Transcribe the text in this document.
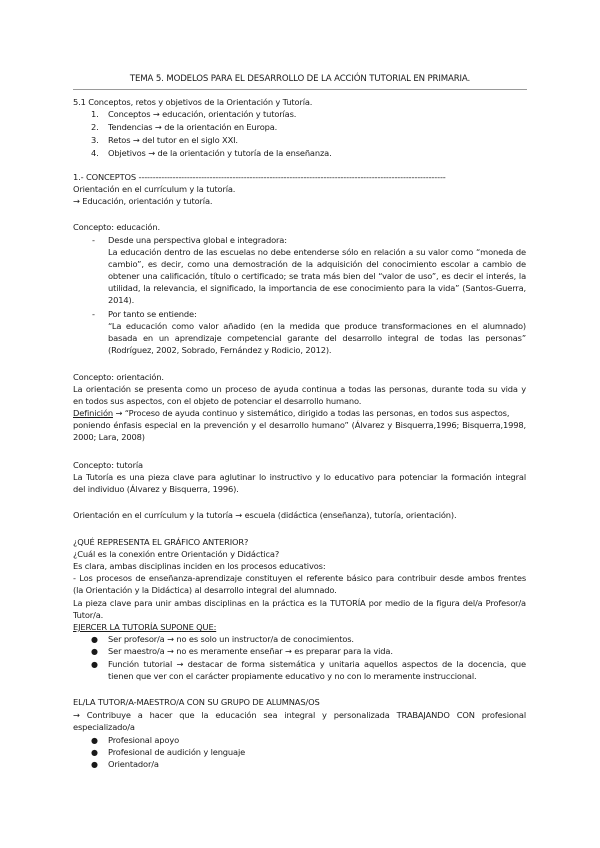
TEMA 5. MODELOS PARA EL DESARROLLO DE LA ACCIÓN TUTORIAL EN PRIMARIA.
5.1 Conceptos, retos y objetivos de la Orientación y Tutoría.
1. Conceptos → educación, orientación y tutorías.
2. Tendencias → de la orientación en Europa.
3. Retos → del tutor en el siglo XXI.
4. Objetivos → de la orientación y tutoría de la enseñanza.
1.- CONCEPTOS ------------------------------------------------------------------------------------------------------------
Orientación en el currículum y la tutoría.
→ Educación, orientación y tutoría.
Concepto: educación.
- Desde una perspectiva global e integradora:
La educación dentro de las escuelas no debe entenderse sólo en relación a su valor como “moneda de
cambio”, es decir, como una demostración de la adquisición del conocimiento escolar a cambio de
obtener una calificación, título o certificado; se trata más bien del “valor de uso”, es decir el interés, la
utilidad, la relevancia, el significado, la importancia de ese conocimiento para la vida” (Santos-Guerra,
2014).
- Por tanto se entiende:
“La educación como valor añadido (en la medida que produce transformaciones en el alumnado)
basada en un aprendizaje competencial garante del desarrollo integral de todas las personas”
(Rodríguez, 2002, Sobrado, Fernández y Rodicio, 2012).
Concepto: orientación.
La orientación se presenta como un proceso de ayuda continua a todas las personas, durante toda su vida y
en todos sus aspectos, con el objeto de potenciar el desarrollo humano.
Definición → “Proceso de ayuda continuo y sistemático, dirigido a todas las personas, en todos sus aspectos,
poniendo énfasis especial en la prevención y el desarrollo humano” (Álvarez y Bisquerra,1996; Bisquerra,1998,
2000; Lara, 2008)
Concepto: tutoría
La Tutoría es una pieza clave para aglutinar lo instructivo y lo educativo para potenciar la formación integral
del individuo (Álvarez y Bisquerra, 1996).
Orientación en el currículum y la tutoría → escuela (didáctica (enseñanza), tutoría, orientación).
¿QUÉ REPRESENTA EL GRÁFICO ANTERIOR?
¿Cuál es la conexión entre Orientación y Didáctica?
Es clara, ambas disciplinas inciden en los procesos educativos:
- Los procesos de enseñanza-aprendizaje constituyen el referente básico para contribuir desde ambos frentes
(la Orientación y la Didáctica) al desarrollo integral del alumnado.
La pieza clave para unir ambas disciplinas en la práctica es la TUTORÍA por medio de la figura del/a Profesor/a
Tutor/a.
EJERCER LA TUTORÍA SUPONE QUE:
● Ser profesor/a → no es solo un instructor/a de conocimientos.
● Ser maestro/a → no es meramente enseñar → es preparar para la vida.
● Función tutorial → destacar de forma sistemática y unitaria aquellos aspectos de la docencia, que
tienen que ver con el carácter propiamente educativo y no con lo meramente instruccional.
EL/LA TUTOR/A-MAESTRO/A CON SU GRUPO DE ALUMNAS/OS
→ Contribuye a hacer que la educación sea integral y personalizada TRABAJANDO CON profesional
especializado/a
● Profesional apoyo
● Profesional de audición y lenguaje
● Orientador/a
